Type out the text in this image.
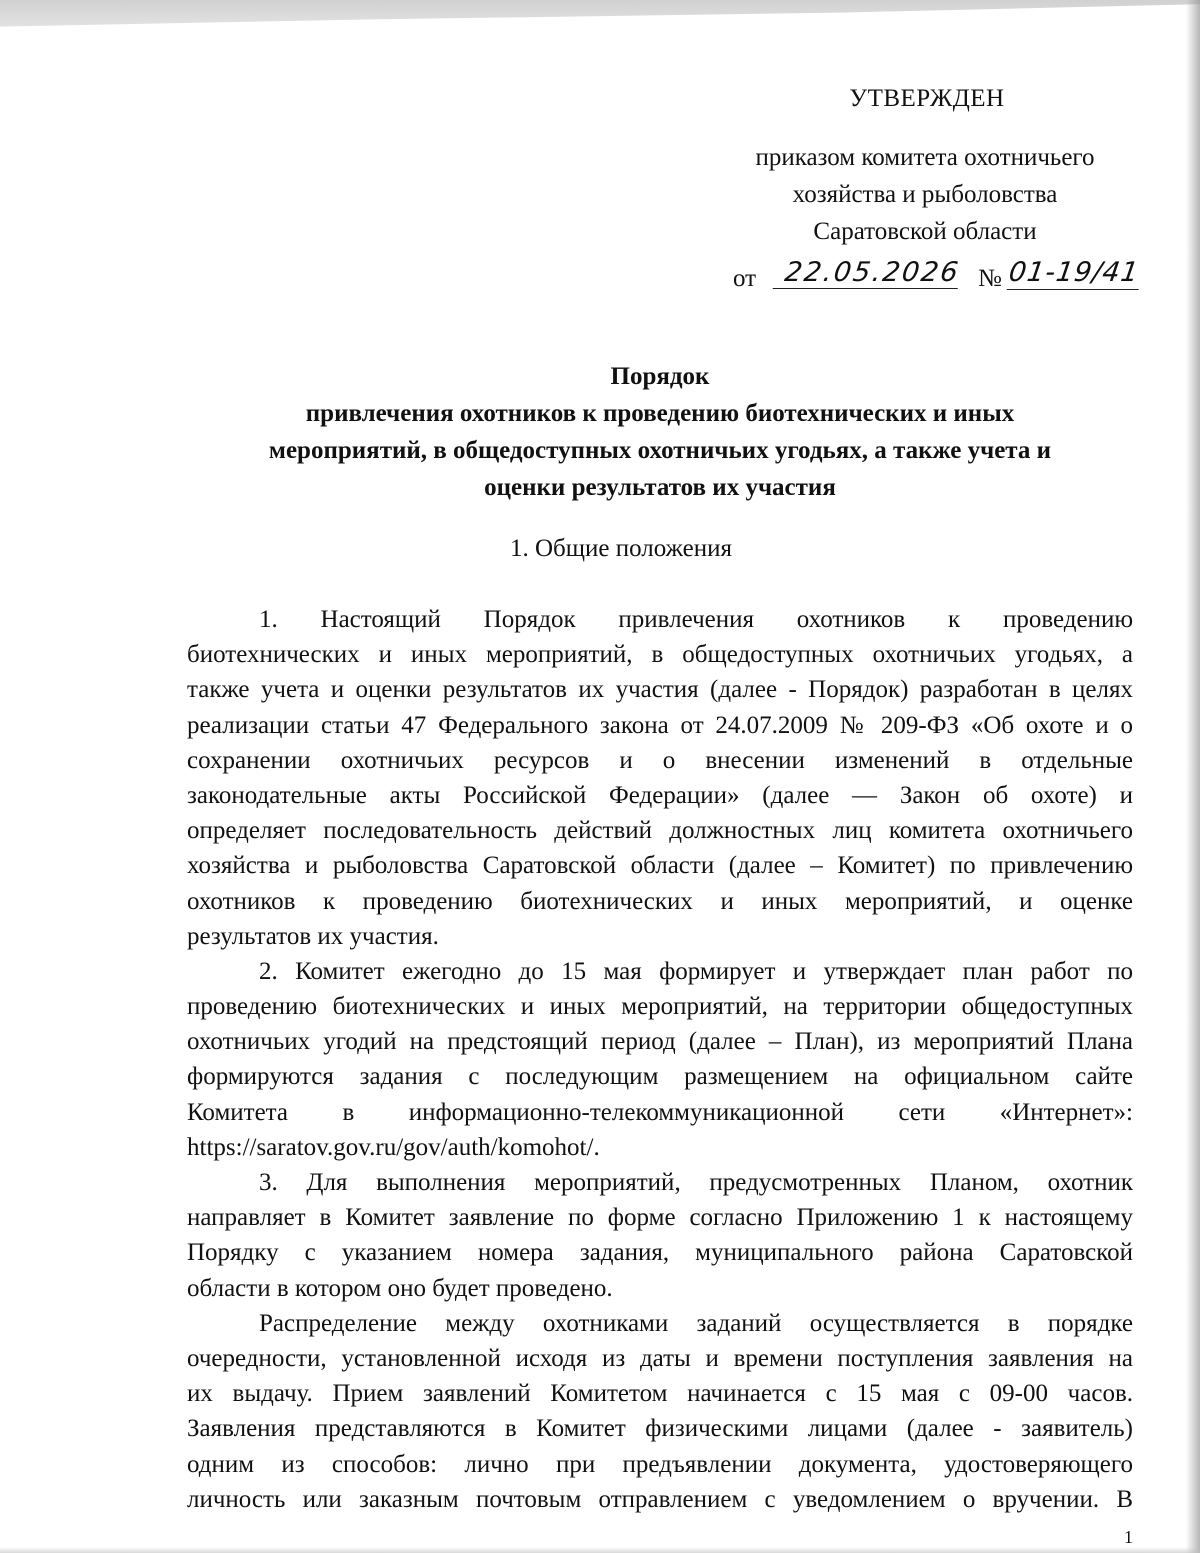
УТВЕРЖДЕН
приказом комитета охотничьего
хозяйства и рыболовства
Саратовской области
от 22.05.2026 № 01-19/41
Порядок
привлечения охотников к проведению биотехнических и иных
мероприятий, в общедоступных охотничьих угодьях, а также учета и
оценки результатов их участия
1. Общие положения
1. Настоящий Порядок привлечения охотников к проведению
биотехнических и иных мероприятий, в общедоступных охотничьих угодьях, а
также учета и оценки результатов их участия (далее - Порядок) разработан в целях
реализации статьи 47 Федерального закона от 24.07.2009 № 209-ФЗ «Об охоте и о
сохранении охотничьих ресурсов и о внесении изменений в отдельные
законодательные акты Российской Федерации» (далее — Закон об охоте) и
определяет последовательность действий должностных лиц комитета охотничьего
хозяйства и рыболовства Саратовской области (далее – Комитет) по привлечению
охотников к проведению биотехнических и иных мероприятий, и оценке
результатов их участия.
2. Комитет ежегодно до 15 мая формирует и утверждает план работ по
проведению биотехнических и иных мероприятий, на территории общедоступных
охотничьих угодий на предстоящий период (далее – План), из мероприятий Плана
формируются задания с последующим размещением на официальном сайте
Комитета в информационно-телекоммуникационной сети «Интернет»:
https://saratov.gov.ru/gov/auth/komohot/.
3. Для выполнения мероприятий, предусмотренных Планом, охотник
направляет в Комитет заявление по форме согласно Приложению 1 к настоящему
Порядку с указанием номера задания, муниципального района Саратовской
области в котором оно будет проведено.
Распределение между охотниками заданий осуществляется в порядке
очередности, установленной исходя из даты и времени поступления заявления на
их выдачу. Прием заявлений Комитетом начинается с 15 мая с 09-00 часов.
Заявления представляются в Комитет физическими лицами (далее - заявитель)
одним из способов: лично при предъявлении документа, удостоверяющего
личность или заказным почтовым отправлением с уведомлением о вручении. В
1
